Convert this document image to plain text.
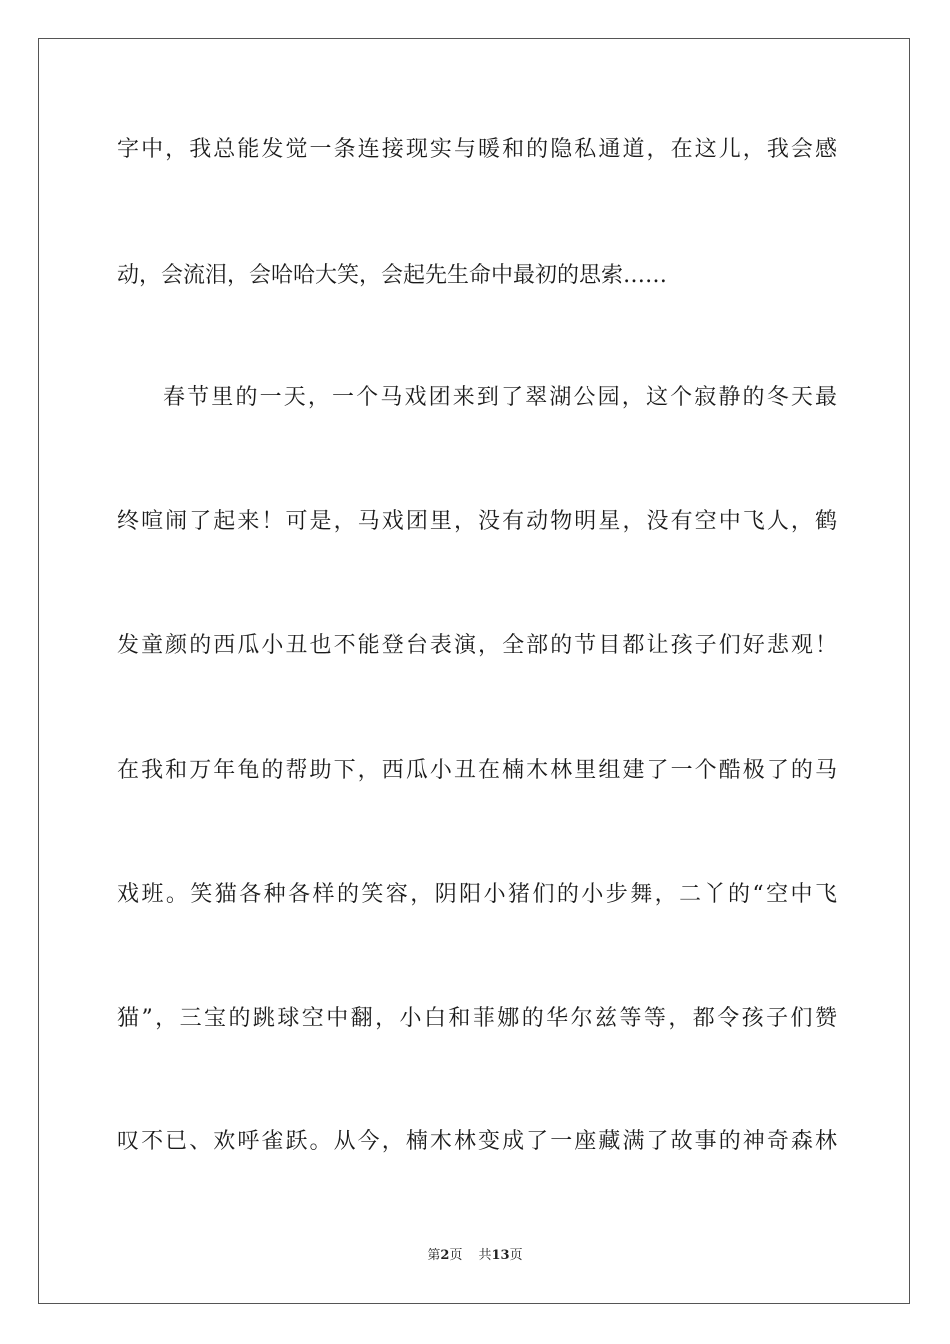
字中，我总能发觉一条连接现实与暖和的隐私通道，在这儿，我会感
动，会流泪，会哈哈大笑，会起先生命中最初的思索……
春节里的一天，一个马戏团来到了翠湖公园，这个寂静的冬天最
终喧闹了起来！可是，马戏团里，没有动物明星，没有空中飞人，鹤
发童颜的西瓜小丑也不能登台表演，全部的节目都让孩子们好悲观！
在我和万年龟的帮助下，西瓜小丑在楠木林里组建了一个酷极了的马
戏班。笑猫各种各样的笑容，阴阳小猪们的小步舞，二丫的“空中飞
猫”，三宝的跳球空中翻，小白和菲娜的华尔兹等等，都令孩子们赞
叹不已、欢呼雀跃。从今，楠木林变成了一座藏满了故事的神奇森林
第2页 共13页
